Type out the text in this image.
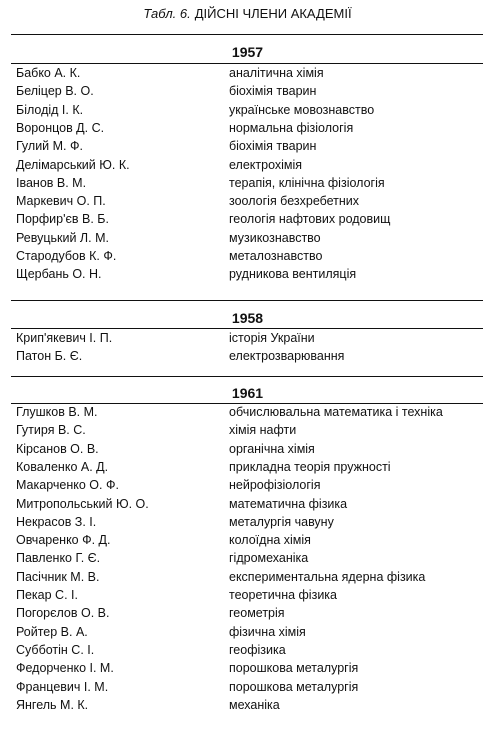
Табл. 6. ДІЙСНІ ЧЛЕНИ АКАДЕМІЇ
1957
Бабко А. К.	аналітична хімія
Беліцер В. О.	біохімія тварин
Білодід І. К.	українське мовознавство
Воронцов Д. С.	нормальна фізіологія
Гулий М. Ф.	біохімія тварин
Делімарський Ю. К.	електрохімія
Іванов В. М.	терапія, клінічна фізіологія
Маркевич О. П.	зоологія безхребетних
Порфир'єв В. Б.	геологія нафтових родовищ
Ревуцький Л. М.	музикознавство
Стародубов К. Ф.	металознавство
Щербань О. Н.	рудникова вентиляція
1958
Крип'якевич І. П.	історія України
Патон Б. Є.	електрозварювання
1961
Глушков В. М.	обчислювальна математика і техніка
Гутиря В. С.	хімія нафти
Кірсанов О. В.	органічна хімія
Коваленко А. Д.	прикладна теорія пружності
Макарченко О. Ф.	нейрофізіологія
Митропольський Ю. О.	математична фізика
Некрасов З. І.	металургія чавуну
Овчаренко Ф. Д.	колоїдна хімія
Павленко Г. Є.	гідромеханіка
Пасічник М. В.	експериментальна ядерна фізика
Пекар С. І.	теоретична фізика
Погорєлов О. В.	геометрія
Ройтер В. А.	фізична хімія
Субботін С. І.	геофізика
Федорченко І. М.	порошкова металургія
Францевич І. М.	порошкова металургія
Янгель М. К.	механіка
